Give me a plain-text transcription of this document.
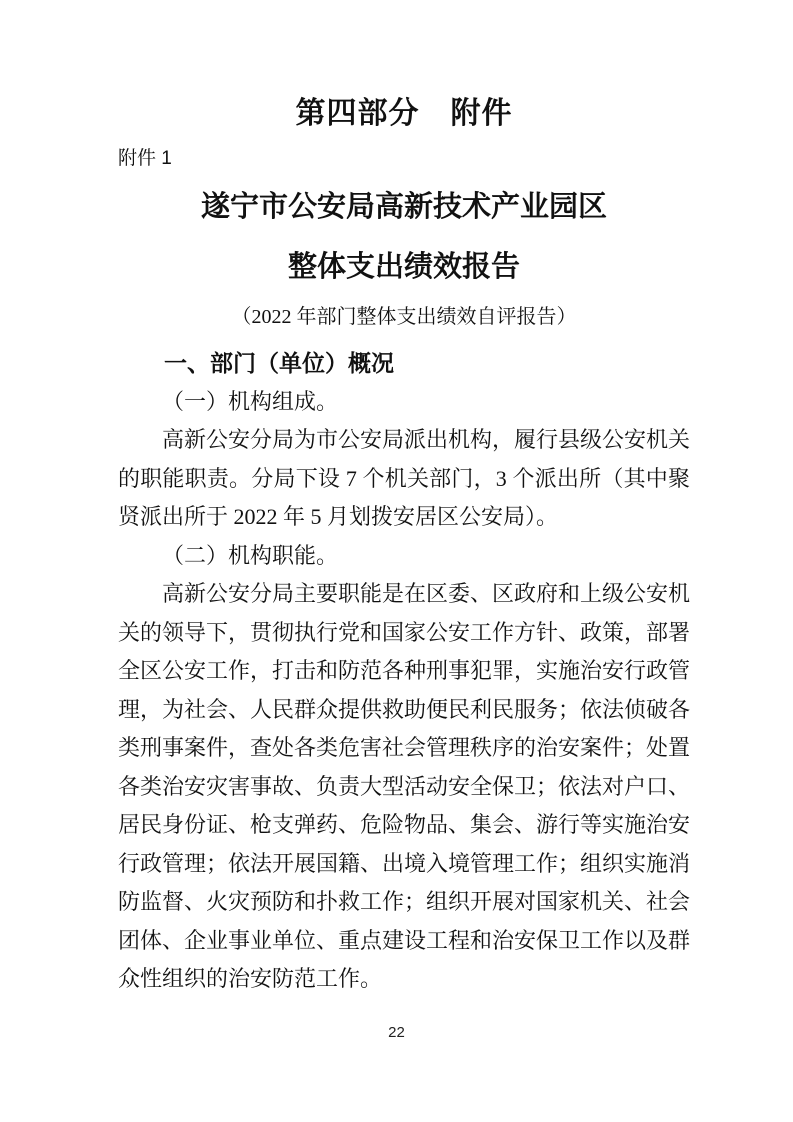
第四部分　附件
附件 1
遂宁市公安局高新技术产业园区
整体支出绩效报告
（2022 年部门整体支出绩效自评报告）
一、部门（单位）概况
（一）机构组成。
高新公安分局为市公安局派出机构，履行县级公安机关的职能职责。分局下设 7 个机关部门，3 个派出所（其中聚贤派出所于 2022 年 5 月划拨安居区公安局）。
（二）机构职能。
高新公安分局主要职能是在区委、区政府和上级公安机关的领导下，贯彻执行党和国家公安工作方针、政策，部署全区公安工作，打击和防范各种刑事犯罪，实施治安行政管理，为社会、人民群众提供救助便民利民服务；依法侦破各类刑事案件，查处各类危害社会管理秩序的治安案件；处置各类治安灾害事故、负责大型活动安全保卫；依法对户口、居民身份证、枪支弹药、危险物品、集会、游行等实施治安行政管理；依法开展国籍、出境入境管理工作；组织实施消防监督、火灾预防和扑救工作；组织开展对国家机关、社会团体、企业事业单位、重点建设工程和治安保卫工作以及群众性组织的治安防范工作。
22
